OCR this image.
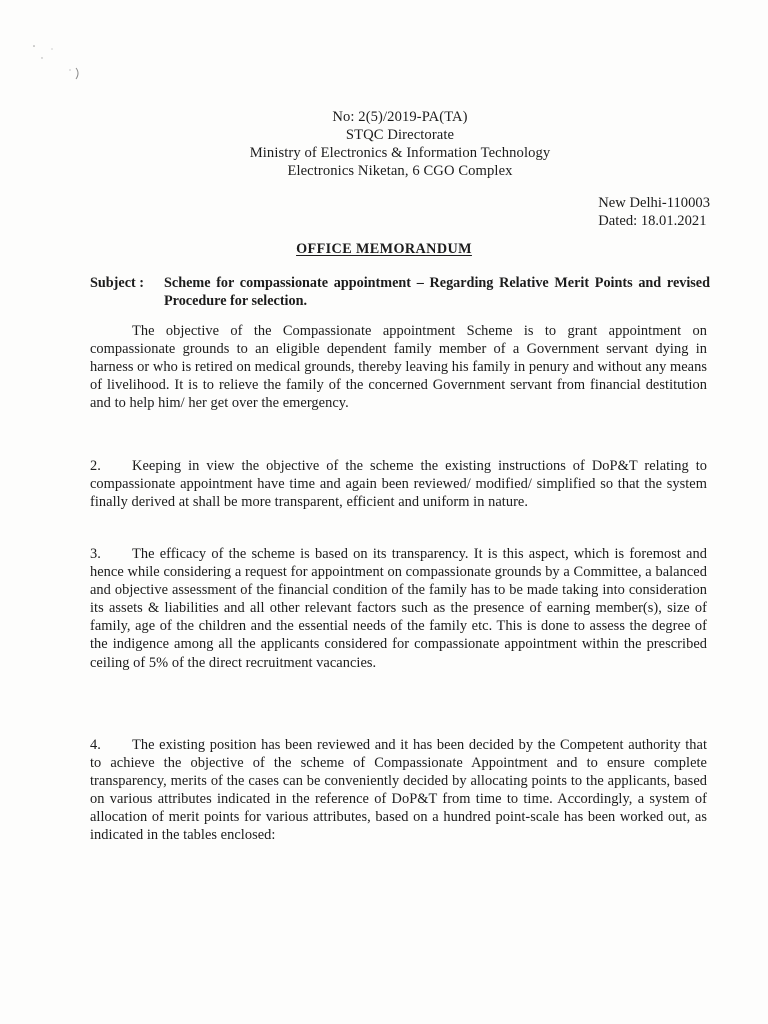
No: 2(5)/2019-PA(TA)
STQC Directorate
Ministry of Electronics & Information Technology
Electronics Niketan, 6 CGO Complex
New Delhi-110003
Dated: 18.01.2021
OFFICE MEMORANDUM
Subject : Scheme for compassionate appointment – Regarding Relative Merit Points and revised Procedure for selection.
The objective of the Compassionate appointment Scheme is to grant appointment on compassionate grounds to an eligible dependent family member of a Government servant dying in harness or who is retired on medical grounds, thereby leaving his family in penury and without any means of livelihood. It is to relieve the family of the concerned Government servant from financial destitution and to help him/ her get over the emergency.
2. Keeping in view the objective of the scheme the existing instructions of DoP&T relating to compassionate appointment have time and again been reviewed/ modified/ simplified so that the system finally derived at shall be more transparent, efficient and uniform in nature.
3. The efficacy of the scheme is based on its transparency. It is this aspect, which is foremost and hence while considering a request for appointment on compassionate grounds by a Committee, a balanced and objective assessment of the financial condition of the family has to be made taking into consideration its assets & liabilities and all other relevant factors such as the presence of earning member(s), size of family, age of the children and the essential needs of the family etc. This is done to assess the degree of the indigence among all the applicants considered for compassionate appointment within the prescribed ceiling of 5% of the direct recruitment vacancies.
4. The existing position has been reviewed and it has been decided by the Competent authority that to achieve the objective of the scheme of Compassionate Appointment and to ensure complete transparency, merits of the cases can be conveniently decided by allocating points to the applicants, based on various attributes indicated in the reference of DoP&T from time to time. Accordingly, a system of allocation of merit points for various attributes, based on a hundred point-scale has been worked out, as indicated in the tables enclosed:
